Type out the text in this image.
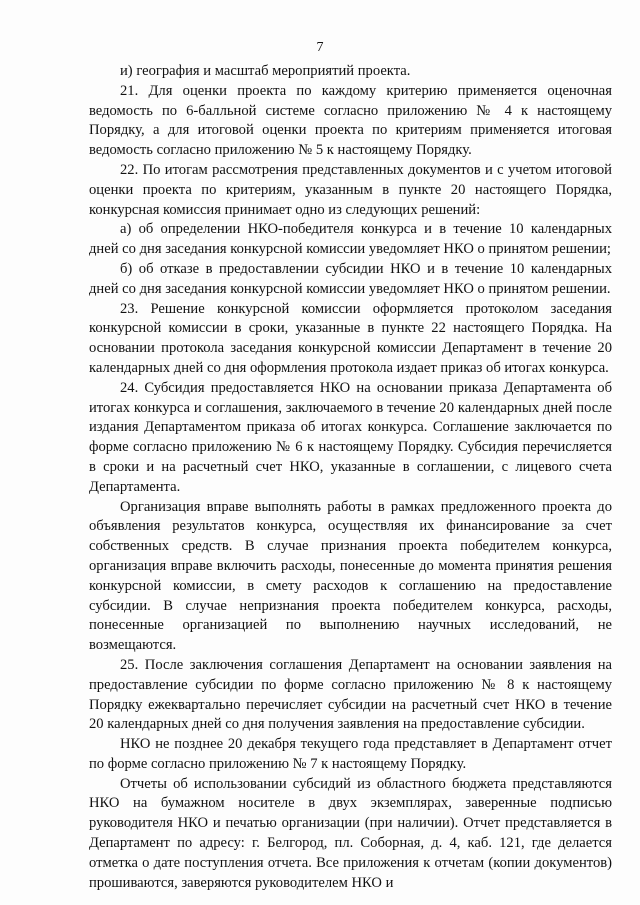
7

и) география и масштаб мероприятий проекта.

21. Для оценки проекта по каждому критерию применяется оценочная ведомость по 6-балльной системе согласно приложению № 4 к настоящему Порядку, а для итоговой оценки проекта по критериям применяется итоговая ведомость согласно приложению № 5 к настоящему Порядку.

22. По итогам рассмотрения представленных документов и с учетом итоговой оценки проекта по критериям, указанным в пункте 20 настоящего Порядка, конкурсная комиссия принимает одно из следующих решений:

а) об определении НКО-победителя конкурса и в течение 10 календарных дней со дня заседания конкурсной комиссии уведомляет НКО о принятом решении;

б) об отказе в предоставлении субсидии НКО и в течение 10 календарных дней со дня заседания конкурсной комиссии уведомляет НКО о принятом решении.

23. Решение конкурсной комиссии оформляется протоколом заседания конкурсной комиссии в сроки, указанные в пункте 22 настоящего Порядка. На основании протокола заседания конкурсной комиссии Департамент в течение 20 календарных дней со дня оформления протокола издает приказ об итогах конкурса.

24. Субсидия предоставляется НКО на основании приказа Департамента об итогах конкурса и соглашения, заключаемого в течение 20 календарных дней после издания Департаментом приказа об итогах конкурса. Соглашение заключается по форме согласно приложению № 6 к настоящему Порядку. Субсидия перечисляется в сроки и на расчетный счет НКО, указанные в соглашении, с лицевого счета Департамента.

Организация вправе выполнять работы в рамках предложенного проекта до объявления результатов конкурса, осуществляя их финансирование за счет собственных средств. В случае признания проекта победителем конкурса, организация вправе включить расходы, понесенные до момента принятия решения конкурсной комиссии, в смету расходов к соглашению на предоставление субсидии. В случае непризнания проекта победителем конкурса, расходы, понесенные организацией по выполнению научных исследований, не возмещаются.

25. После заключения соглашения Департамент на основании заявления на предоставление субсидии по форме согласно приложению № 8 к настоящему Порядку ежеквартально перечисляет субсидии на расчетный счет НКО в течение 20 календарных дней со дня получения заявления на предоставление субсидии.

НКО не позднее 20 декабря текущего года представляет в Департамент отчет по форме согласно приложению № 7 к настоящему Порядку.

Отчеты об использовании субсидий из областного бюджета представляются НКО на бумажном носителе в двух экземплярах, заверенные подписью руководителя НКО и печатью организации (при наличии). Отчет представляется в Департамент по адресу: г. Белгород, пл. Соборная, д. 4, каб. 121, где делается отметка о дате поступления отчета. Все приложения к отчетам (копии документов) прошиваются, заверяются руководителем НКО и
